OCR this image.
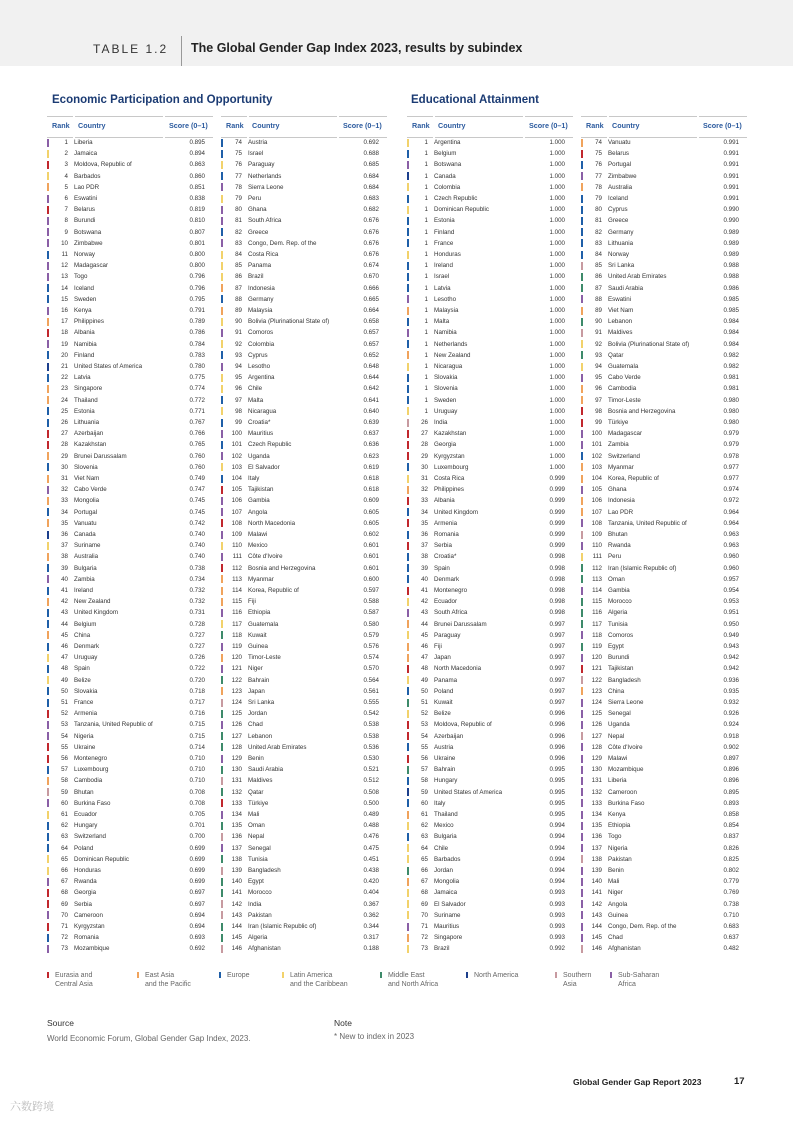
TABLE 1.2 The Global Gender Gap Index 2023, results by subindex
Economic Participation and Opportunity	Educational Attainment
Rank Country	Score (0–1)
1 Liberia	0.895
2 Jamaica	0.894
3 Moldova, Republic of	0.863
4 Barbados	0.860
5 Lao PDR	0.851
6 Eswatini	0.838
7 Belarus	0.819
8 Burundi	0.810
9 Botswana	0.807
10 Zimbabwe	0.801
11 Norway	0.800
12 Madagascar	0.800
13 Togo	0.796
14 Iceland	0.796
15 Sweden	0.795
16 Kenya	0.791
17 Philippines	0.789
18 Albania	0.786
19 Namibia	0.784
20 Finland	0.783
21 United States of America	0.780
22 Latvia	0.775
23 Singapore	0.774
24 Thailand	0.772
25 Estonia	0.771
26 Lithuania	0.767
27 Azerbaijan	0.766
28 Kazakhstan	0.765
29 Brunei Darussalam	0.760
30 Slovenia	0.760
31 Viet Nam	0.749
32 Cabo Verde	0.747
33 Mongolia	0.745
34 Portugal	0.745
35 Vanuatu	0.742
36 Canada	0.740
37 Suriname	0.740
38 Australia	0.740
39 Bulgaria	0.738
40 Zambia	0.734
41 Ireland	0.732
42 New Zealand	0.732
43 United Kingdom	0.731
44 Belgium	0.728
45 China	0.727
46 Denmark	0.727
47 Uruguay	0.726
48 Spain	0.722
49 Belize	0.720
50 Slovakia	0.718
51 France	0.717
52 Armenia	0.716
53 Tanzania, United Republic of	0.715
54 Nigeria	0.715
55 Ukraine	0.714
56 Montenegro	0.710
57 Luxembourg	0.710
58 Cambodia	0.710
59 Bhutan	0.708
60 Burkina Faso	0.708
61 Ecuador	0.705
62 Hungary	0.701
63 Switzerland	0.700
64 Poland	0.699
65 Dominican Republic	0.699
66 Honduras	0.699
67 Rwanda	0.699
68 Georgia	0.697
69 Serbia	0.697
70 Cameroon	0.694
71 Kyrgyzstan	0.694
72 Romania	0.693
73 Mozambique	0.692
Rank Country	Score (0–1)
74 Austria	0.692
75 Israel	0.688
76 Paraguay	0.685
77 Netherlands	0.684
78 Sierra Leone	0.684
79 Peru	0.683
80 Ghana	0.682
81 South Africa	0.676
82 Greece	0.676
83 Congo, Dem. Rep. of the	0.676
84 Costa Rica	0.676
85 Panama	0.674
86 Brazil	0.670
87 Indonesia	0.666
88 Germany	0.665
89 Malaysia	0.664
90 Bolivia (Plurinational State of)	0.658
91 Comoros	0.657
92 Colombia	0.657
93 Cyprus	0.652
94 Lesotho	0.648
95 Argentina	0.644
96 Chile	0.642
97 Malta	0.641
98 Nicaragua	0.640
99 Croatia*	0.639
100 Mauritius	0.637
101 Czech Republic	0.636
102 Uganda	0.623
103 El Salvador	0.619
104 Italy	0.618
105 Tajikistan	0.618
106 Gambia	0.609
107 Angola	0.605
108 North Macedonia	0.605
109 Malawi	0.602
110 Mexico	0.601
111 Côte d'Ivoire	0.601
112 Bosnia and Herzegovina	0.601
113 Myanmar	0.600
114 Korea, Republic of	0.597
115 Fiji	0.588
116 Ethiopia	0.587
117 Guatemala	0.580
118 Kuwait	0.579
119 Guinea	0.576
120 Timor-Leste	0.574
121 Niger	0.570
122 Bahrain	0.564
123 Japan	0.561
124 Sri Lanka	0.555
125 Jordan	0.542
126 Chad	0.538
127 Lebanon	0.538
128 United Arab Emirates	0.536
129 Benin	0.530
130 Saudi Arabia	0.521
131 Maldives	0.512
132 Qatar	0.508
133 Türkiye	0.500
134 Mali	0.489
135 Oman	0.488
136 Nepal	0.476
137 Senegal	0.475
138 Tunisia	0.451
139 Bangladesh	0.438
140 Egypt	0.420
141 Morocco	0.404
142 India	0.367
143 Pakistan	0.362
144 Iran (Islamic Republic of)	0.344
145 Algeria	0.317
146 Afghanistan	0.188
Rank Country	Score (0–1)
1 Argentina	1.000
1 Belgium	1.000
1 Botswana	1.000
1 Canada	1.000
1 Colombia	1.000
1 Czech Republic	1.000
1 Dominican Republic	1.000
1 Estonia	1.000
1 Finland	1.000
1 France	1.000
1 Honduras	1.000
1 Ireland	1.000
1 Israel	1.000
1 Latvia	1.000
1 Lesotho	1.000
1 Malaysia	1.000
1 Malta	1.000
1 Namibia	1.000
1 Netherlands	1.000
1 New Zealand	1.000
1 Nicaragua	1.000
1 Slovakia	1.000
1 Slovenia	1.000
1 Sweden	1.000
1 Uruguay	1.000
26 India	1.000
27 Kazakhstan	1.000
28 Georgia	1.000
29 Kyrgyzstan	1.000
30 Luxembourg	1.000
31 Costa Rica	0.999
32 Philippines	0.999
33 Albania	0.999
34 United Kingdom	0.999
35 Armenia	0.999
36 Romania	0.999
37 Serbia	0.999
38 Croatia*	0.998
39 Spain	0.998
40 Denmark	0.998
41 Montenegro	0.998
42 Ecuador	0.998
43 South Africa	0.998
44 Brunei Darussalam	0.997
45 Paraguay	0.997
46 Fiji	0.997
47 Japan	0.997
48 North Macedonia	0.997
49 Panama	0.997
50 Poland	0.997
51 Kuwait	0.997
52 Belize	0.996
53 Moldova, Republic of	0.996
54 Azerbaijan	0.996
55 Austria	0.996
56 Ukraine	0.996
57 Bahrain	0.995
58 Hungary	0.995
59 United States of America	0.995
60 Italy	0.995
61 Thailand	0.995
62 Mexico	0.994
63 Bulgaria	0.994
64 Chile	0.994
65 Barbados	0.994
66 Jordan	0.994
67 Mongolia	0.994
68 Jamaica	0.993
69 El Salvador	0.993
70 Suriname	0.993
71 Mauritius	0.993
72 Singapore	0.993
73 Brazil	0.992
Rank Country	Score (0–1)
74 Vanuatu	0.991
75 Belarus	0.991
76 Portugal	0.991
77 Zimbabwe	0.991
78 Australia	0.991
79 Iceland	0.991
80 Cyprus	0.990
81 Greece	0.990
82 Germany	0.989
83 Lithuania	0.989
84 Norway	0.989
85 Sri Lanka	0.988
86 United Arab Emirates	0.988
87 Saudi Arabia	0.986
88 Eswatini	0.985
89 Viet Nam	0.985
90 Lebanon	0.984
91 Maldives	0.984
92 Bolivia (Plurinational State of)	0.984
93 Qatar	0.982
94 Guatemala	0.982
95 Cabo Verde	0.981
96 Cambodia	0.981
97 Timor-Leste	0.980
98 Bosnia and Herzegovina	0.980
99 Türkiye	0.980
100 Madagascar	0.979
101 Zambia	0.979
102 Switzerland	0.978
103 Myanmar	0.977
104 Korea, Republic of	0.977
105 Ghana	0.974
106 Indonesia	0.972
107 Lao PDR	0.964
108 Tanzania, United Republic of	0.964
109 Bhutan	0.963
110 Rwanda	0.963
111 Peru	0.960
112 Iran (Islamic Republic of)	0.960
113 Oman	0.957
114 Gambia	0.954
115 Morocco	0.953
116 Algeria	0.951
117 Tunisia	0.950
118 Comoros	0.949
119 Egypt	0.943
120 Burundi	0.942
121 Tajikistan	0.942
122 Bangladesh	0.936
123 China	0.935
124 Sierra Leone	0.932
125 Senegal	0.926
126 Uganda	0.924
127 Nepal	0.918
128 Côte d'Ivoire	0.902
129 Malawi	0.897
130 Mozambique	0.896
131 Liberia	0.896
132 Cameroon	0.895
133 Burkina Faso	0.893
134 Kenya	0.858
135 Ethiopia	0.854
136 Togo	0.837
137 Nigeria	0.826
138 Pakistan	0.825
139 Benin	0.802
140 Mali	0.779
141 Niger	0.769
142 Angola	0.738
143 Guinea	0.710
144 Congo, Dem. Rep. of the	0.683
145 Chad	0.637
146 Afghanistan	0.482
Eurasia and
Central Asia
East Asia
and the Pacific
Europe	Latin America
and the Caribbean
Middle East
and North Africa
North America	Southern
Asia
Sub-Saharan
Africa
Source
World Economic Forum, Global Gender Gap Index, 2023.
Note
* New to index in 2023
Global Gender Gap Report 2023	17
六数跨境
